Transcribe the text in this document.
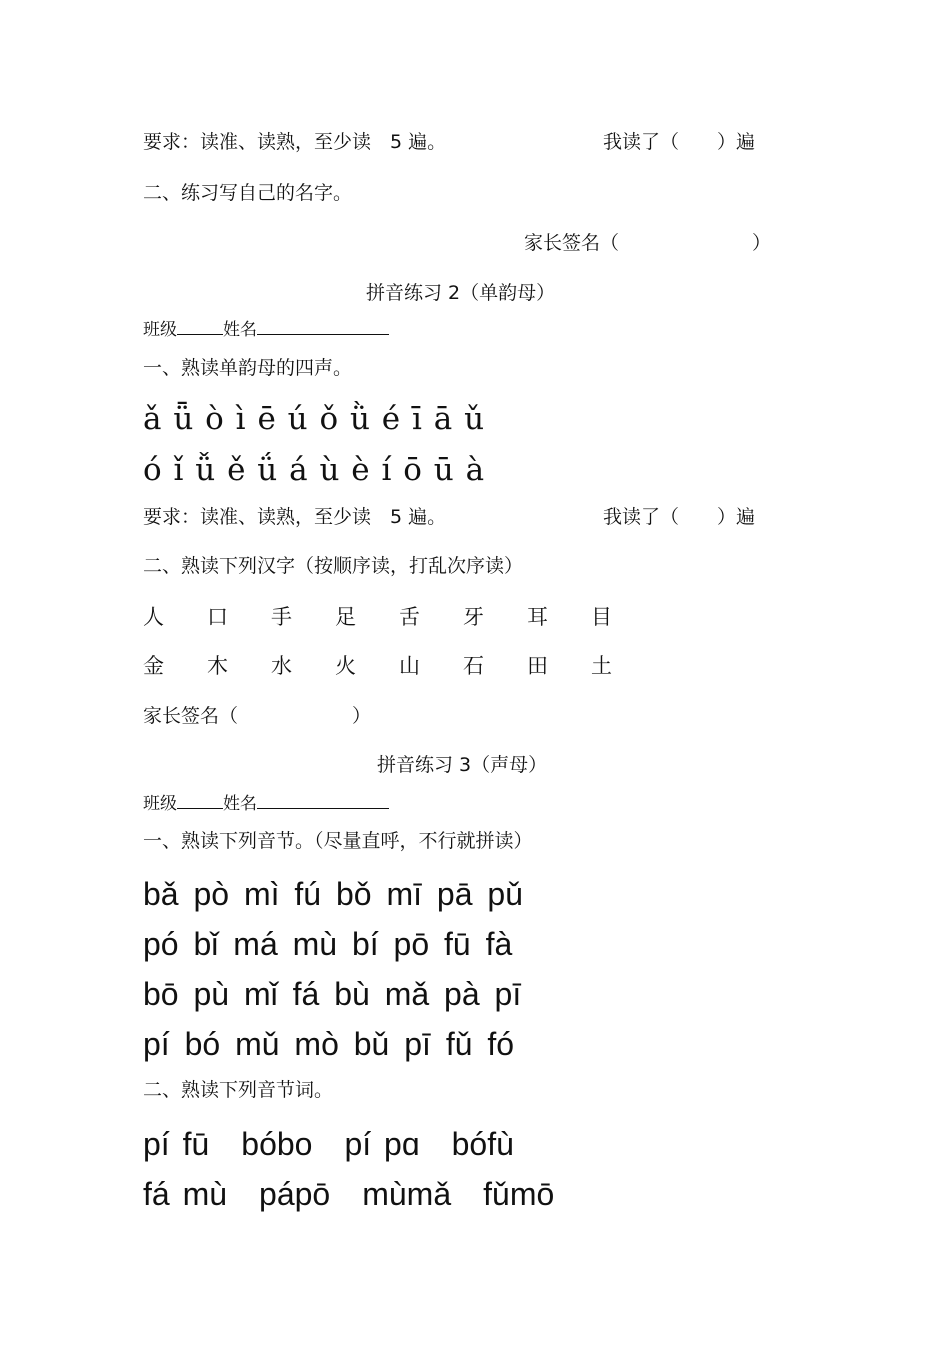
要求：读准、读熟，至少读　5 遍。	我读了（　　）遍
二、练习写自己的名字。
家长签名（　　　　　　　）
拼音练习 2（单韵母）
班级	姓名
一、熟读单韵母的四声。
ǎ ǖ ò ì ē ú ǒ ǜ é ī ā ǔ
ó ǐ ǚ ě ǘ á ù è í ō ū à
要求：读准、读熟，至少读　5 遍。	我读了（　　）遍
二、熟读下列汉字（按顺序读，打乱次序读）
人	口	手	足	舌	牙	耳	目
金	木	水	火	山	石	田	土
家长签名（　　　　　　）
拼音练习 3（声母）
班级	姓名
一、熟读下列音节。（尽量直呼，不行就拼读）
bǎ pò mì fú bǒ mī pā pǔ
pó bǐ má mù bí pō fū fà
bō pù mǐ fá bù mǎ pà pī
pí bó mǔ mò bǔ pī fǔ fó
二、熟读下列音节词。
pí fū　bóbo　pí pɑ　bófù
fá mù　pápō　mùmǎ　fǔmō
